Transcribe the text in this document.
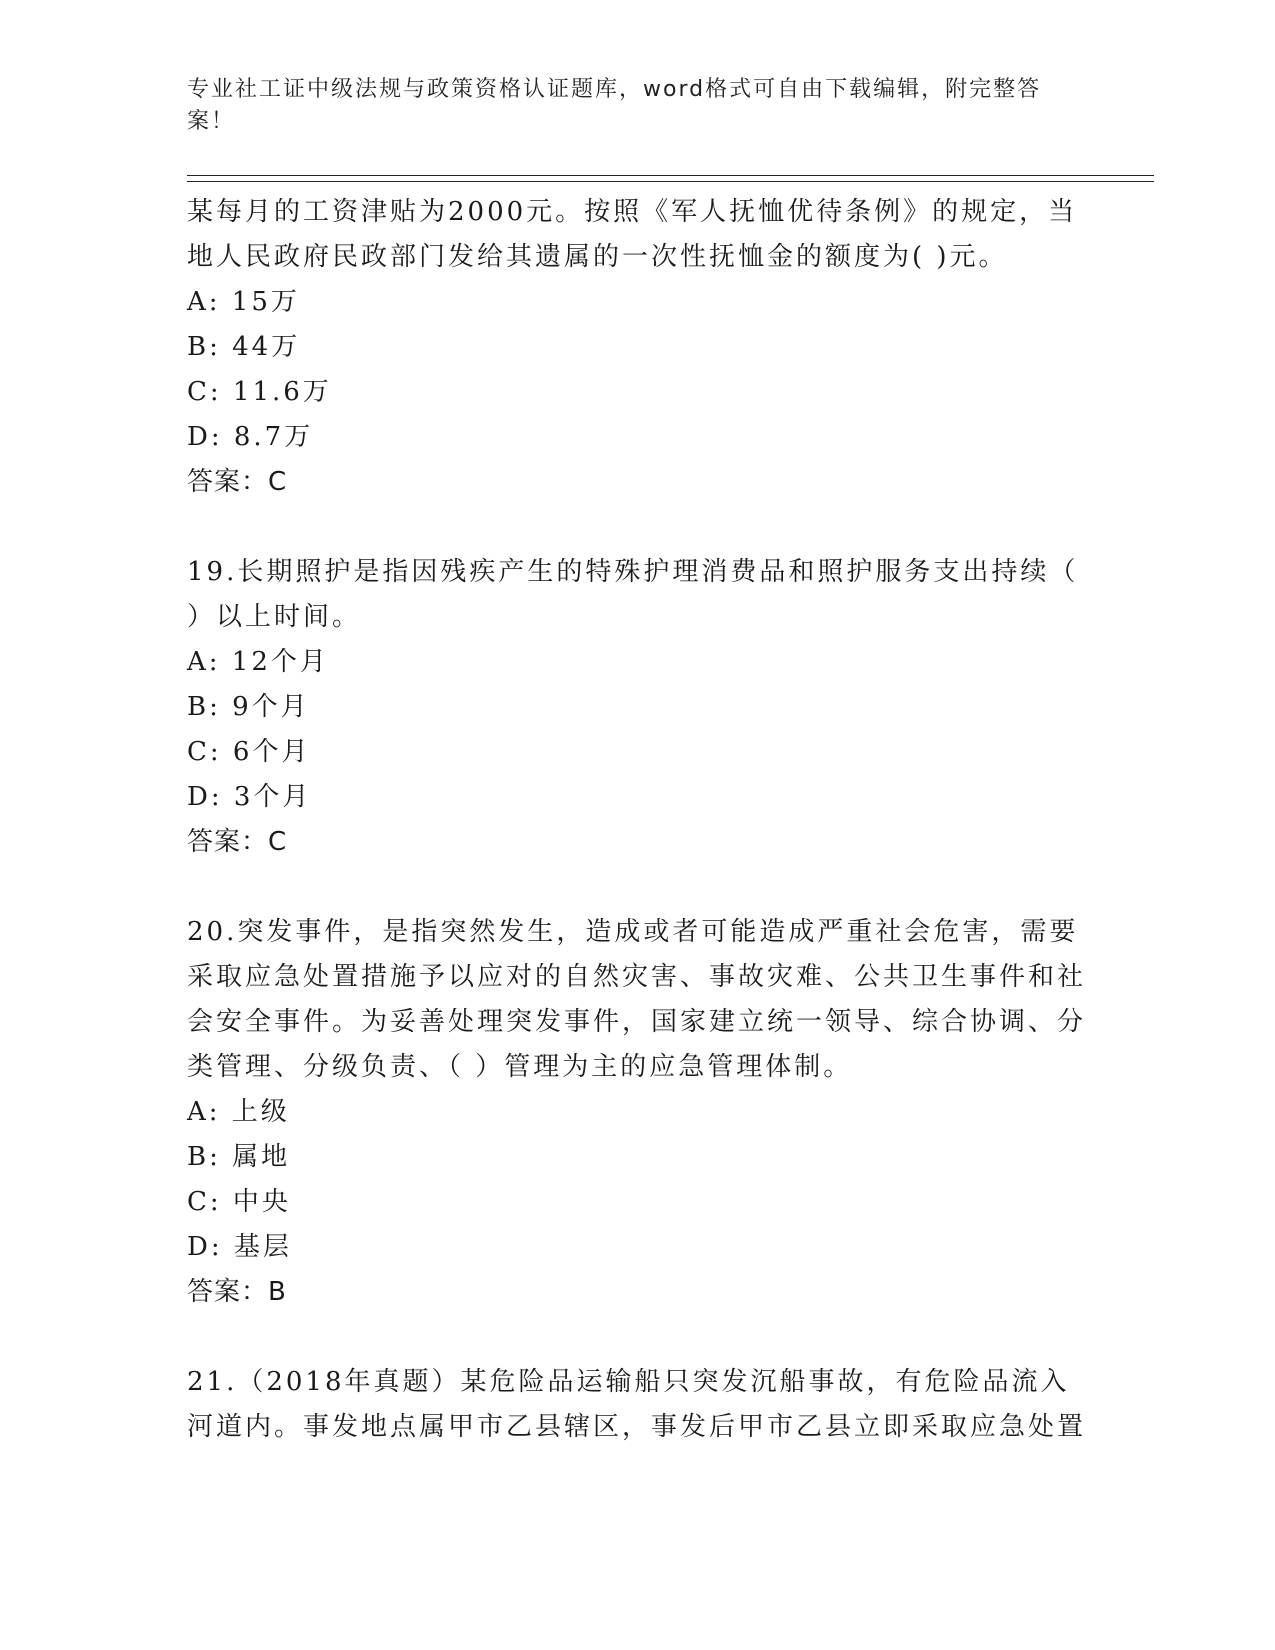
专业社工证中级法规与政策资格认证题库，word格式可自由下载编辑，附完整答案！

某每月的工资津贴为2000元。按照《军人抚恤优待条例》的规定，当地人民政府民政部门发给其遗属的一次性抚恤金的额度为( )元。

A: 15万

B: 44万

C: 11.6万

D: 8.7万

答案：C

19.长期照护是指因残疾产生的特殊护理消费品和照护服务支出持续（ ）以上时间。

A: 12个月

B: 9个月

C: 6个月

D: 3个月

答案：C

20.突发事件，是指突然发生，造成或者可能造成严重社会危害，需要采取应急处置措施予以应对的自然灾害、事故灾难、公共卫生事件和社会安全事件。为妥善处理突发事件，国家建立统一领导、综合协调、分类管理、分级负责、（ ）管理为主的应急管理体制。

A: 上级

B: 属地

C: 中央

D: 基层

答案：B

21.（2018年真题）某危险品运输船只突发沉船事故，有危险品流入河道内。事发地点属甲市乙县辖区，事发后甲市乙县立即采取应急处置
